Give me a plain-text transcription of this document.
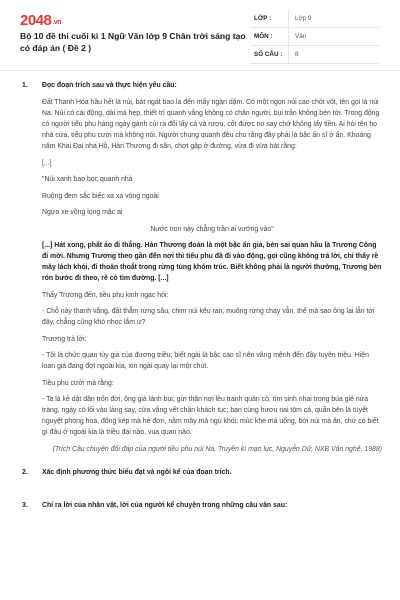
2048.vn
Bộ 10 đề thi cuối kì 1 Ngữ Văn lớp 9 Chân trời sáng tạo có đáp án ( Đề 2 )
LỚP :	Lớp 9
MÔN :	Văn
SỐ CÂU :	8
1.	Đọc đoạn trích sau và thực hiện yêu cầu:

Đất Thanh Hóa hầu hết là núi, bát ngát bao la đến mấy ngàn dặm. Có một ngọn núi cao chót vót, tên gọi là núi Na. Núi có cái động, dài mà hẹp, thiết trí quanh vắng không có chân người, bụi trần không bén tới. Trong động có người tiểu phu hàng ngày gánh củi ra đổi lấy cá và rượu, cốt được no say chứ không lấy tiền. Ai hỏi tên họ nhà cửa, tiểu phu cười mà không nói. Người chung quanh đều cho rằng đây phải là bậc ẩn sĩ ở ẩn. Khoảng năm Khai Đại nhà Hồ, Hàn Thương đi săn, chợt gặp ở đường, vừa đi vừa hát rằng:

[...]

"Núi xanh bao bọc quanh nhà

Ruộng đem sắc biếc xa xa vòng ngoài

Ngựa xe vồng lọng mặc ai

Nước non này chẳng trần ai vướng vào"

[...] Hát xong, phất áo đi thẳng. Hàn Thương đoán là một bậc ẩn giả, bèn sai quan hầu là Trương Công đi mời. Nhưng Trương theo gần đến nơi thì tiểu phu đã đi vào động, gọi cũng không trả lời, chỉ thấy rề mây lách khói, đi thoăn thoắt trong rừng tùng khóm trúc. Biết không phải là người thường, Trương bèn rón bước đi theo, rẽ cỏ tìm đường. [...]

Thấy Trương đến, tiều phu kinh ngạc hỏi:

- Chỗ này thanh vắng, đất thẳm rừng sâu, chim núi kêu ran, muông rừng chạy vẫn, thế mà sao ông lại lẫn tới đây, chẳng cũng khó nhọc lắm ư?

Trương trả lời:

- Tôi là chức quan tùy giá của đương triều; biết ngài là bậc cao sĩ nên vâng mệnh đến đây tuyên triệu. Hiện loan giá đang đợi ngoài kia, xin ngài quay lại một chút.

Tiều phu cười mà rằng:

- Ta là kẻ dật dân trốn đời, ông giả lánh bụi; gửi thân nơi lều tranh quán cỏ, tìm sinh nhai trong búa giẻ nứa tràng, ngày có lối vào làng say, cửa vắng vết chân khách tục; bạn cùng hươu nai tôm cá, quẩn bên là tuyết nguyệt phong hoa, đông kép mà hè đơn, nằm mây mà ngủ khói; mùc khe mà uống, bới núi mà ăn, chứ có biết gì đâu ở ngoài kia là triều đại nào, vua quan nào.

(Trích Câu chuyện đối đáp của người tiều phu núi Na, Truyền kì mạn lục, Nguyễn Dữ, NXB Văn nghệ, 1988)

2.	Xác định phương thức biểu đạt và ngôi kể của đoạn trích.
3.	Chỉ ra lời của nhân vật, lời của người kể chuyện trong những câu văn sau:
